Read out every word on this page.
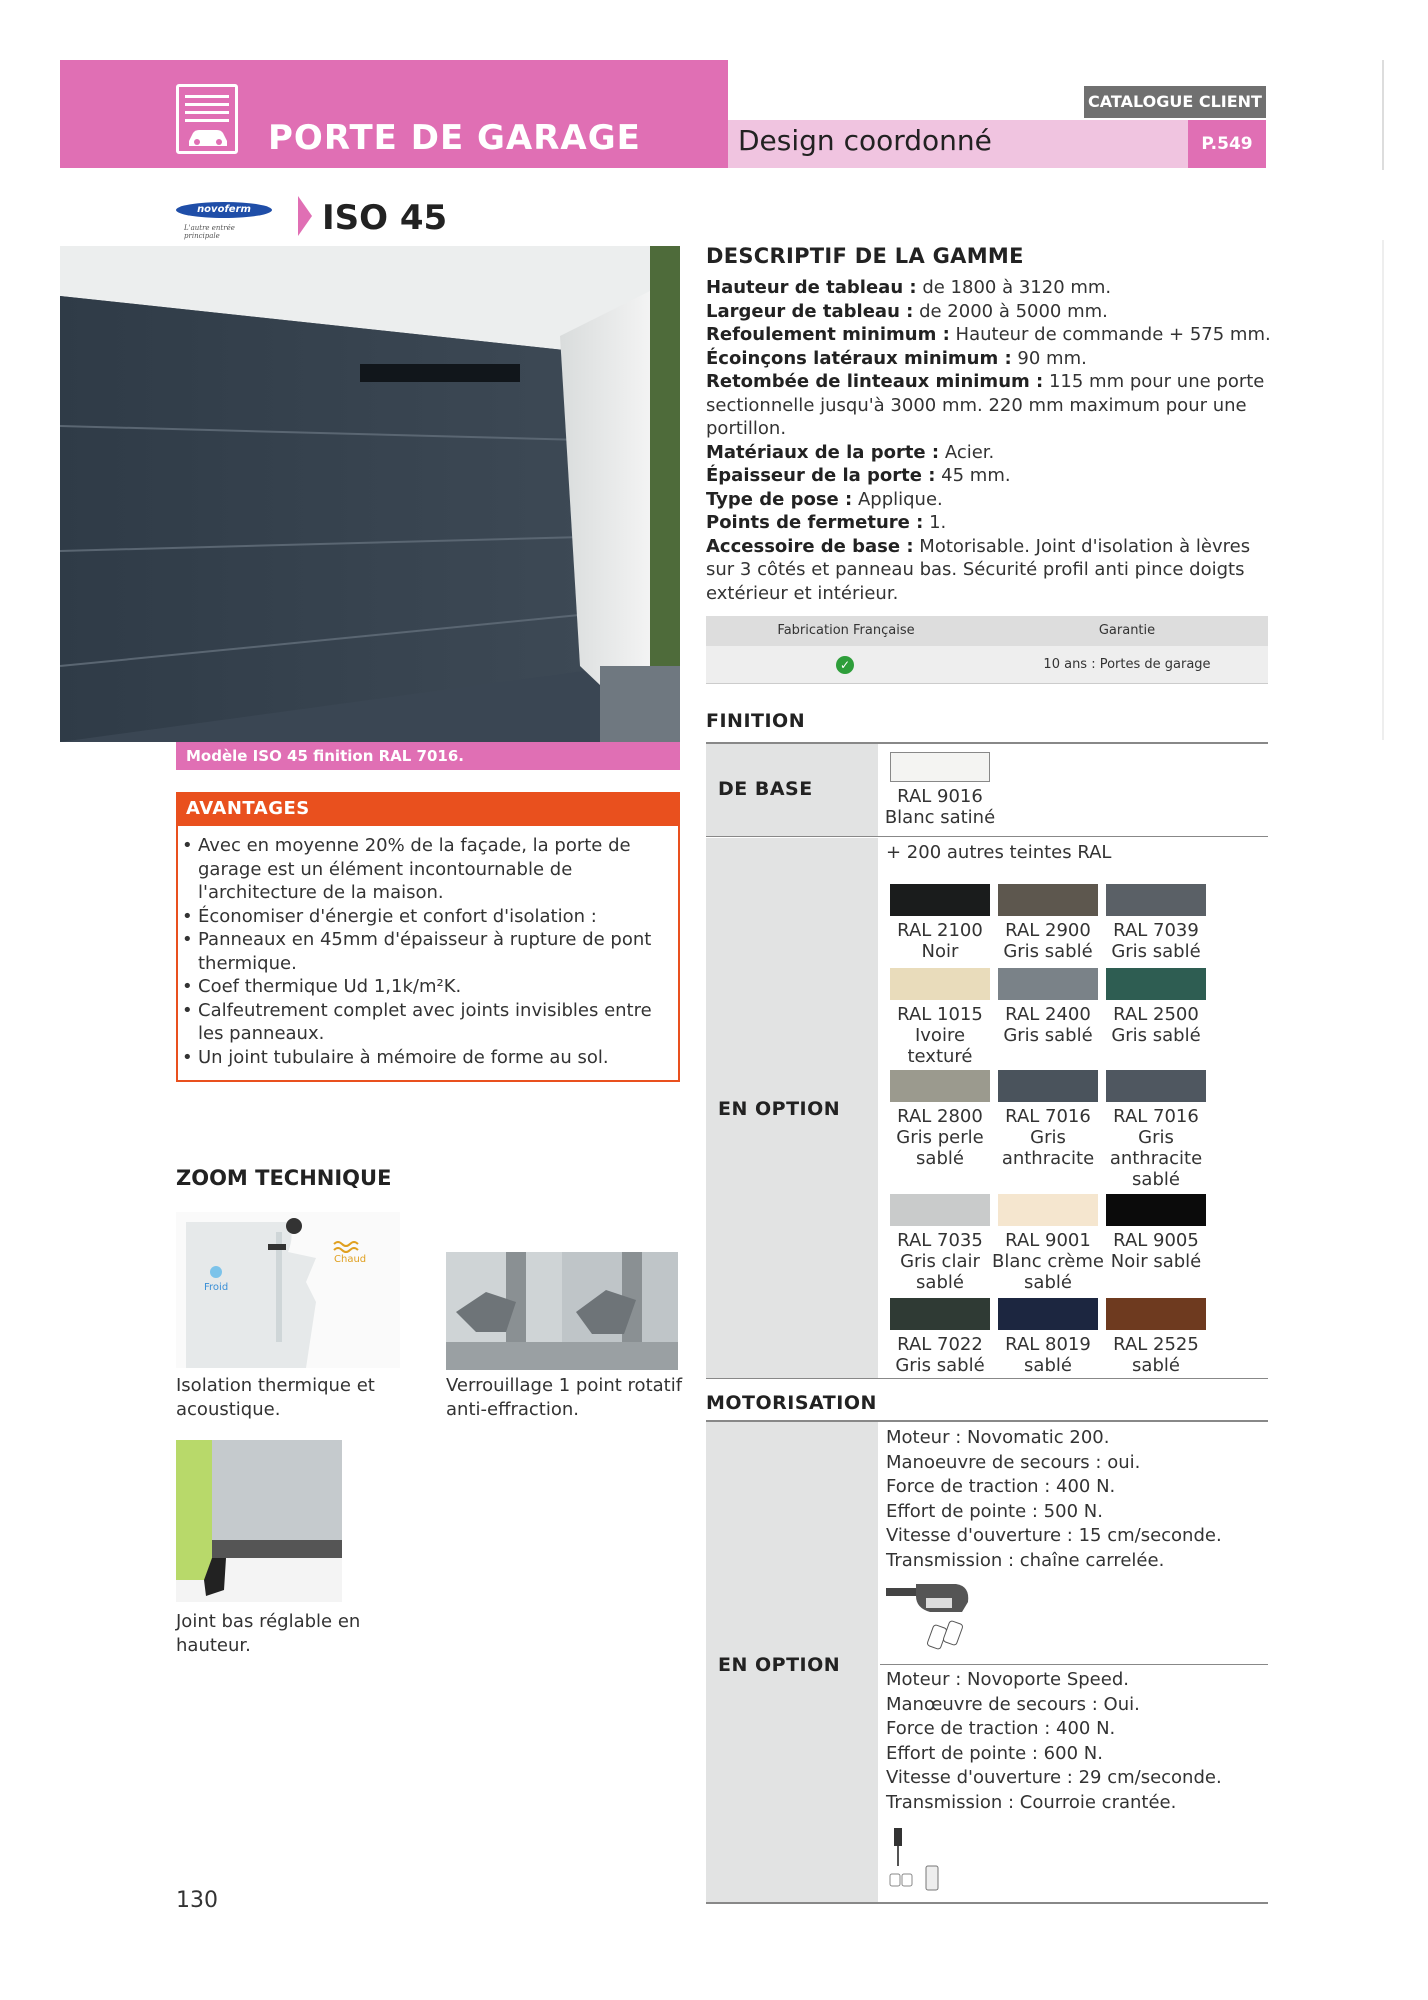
PORTE DE GARAGE	Design coordonné
CATALOGUE CLIENT
P.549
novoferm
L'autre entrée principale	ISO 45
Modèle ISO 45 finition RAL 7016.
AVANTAGES
• Avec en moyenne 20% de la façade, la porte de garage est un élément incontournable de l'architecture de la maison.
• Économiser d'énergie et confort d'isolation :
• Panneaux en 45mm d'épaisseur à rupture de pont thermique.
• Coef thermique Ud 1,1k/m²K.
• Calfeutrement complet avec joints invisibles entre les panneaux.
• Un joint tubulaire à mémoire de forme au sol.
ZOOM TECHNIQUE
Froid
Chaud
Isolation thermique et acoustique.
Verrouillage 1 point rotatif anti-effraction.
Joint bas réglable en hauteur.
130
DESCRIPTIF DE LA GAMME
Hauteur de tableau : de 1800 à 3120 mm.
Largeur de tableau : de 2000 à 5000 mm.
Refoulement minimum : Hauteur de commande + 575 mm.
Écoinçons latéraux minimum : 90 mm.
Retombée de linteaux minimum : 115 mm pour une porte sectionnelle jusqu'à 3000 mm. 220 mm maximum pour une portillon.
Matériaux de la porte : Acier.
Épaisseur de la porte : 45 mm.
Type de pose : Applique.
Points de fermeture : 1.
Accessoire de base : Motorisable. Joint d'isolation à lèvres sur 3 côtés et panneau bas. Sécurité profil anti pince doigts extérieur et intérieur.
Fabrication Française	Garantie
✓	10 ans : Portes de garage
FINITION
DE BASE	RAL 9016 Blanc satiné
EN OPTION
+ 200 autres teintes RAL
RAL 2100 Noir
RAL 2900 Gris sablé
RAL 7039 Gris sablé
RAL 1015 Ivoire texturé
RAL 2400 Gris sablé
RAL 2500 Gris sablé
RAL 2800 Gris perle sablé
RAL 7016 Gris anthracite
RAL 7016 Gris anthracite sablé
RAL 7035 Gris clair sablé
RAL 9001 Blanc crème sablé
RAL 9005 Noir sablé
RAL 7022 Gris sablé
RAL 8019 sablé
RAL 2525 sablé
MOTORISATION
EN OPTION
Moteur : Novomatic 200.
Manoeuvre de secours : oui.
Force de traction : 400 N.
Effort de pointe : 500 N.
Vitesse d'ouverture : 15 cm/seconde.
Transmission : chaîne carrelée.
Moteur : Novoporte Speed.
Manœuvre de secours : Oui.
Force de traction : 400 N.
Effort de pointe : 600 N.
Vitesse d'ouverture : 29 cm/seconde.
Transmission : Courroie crantée.
